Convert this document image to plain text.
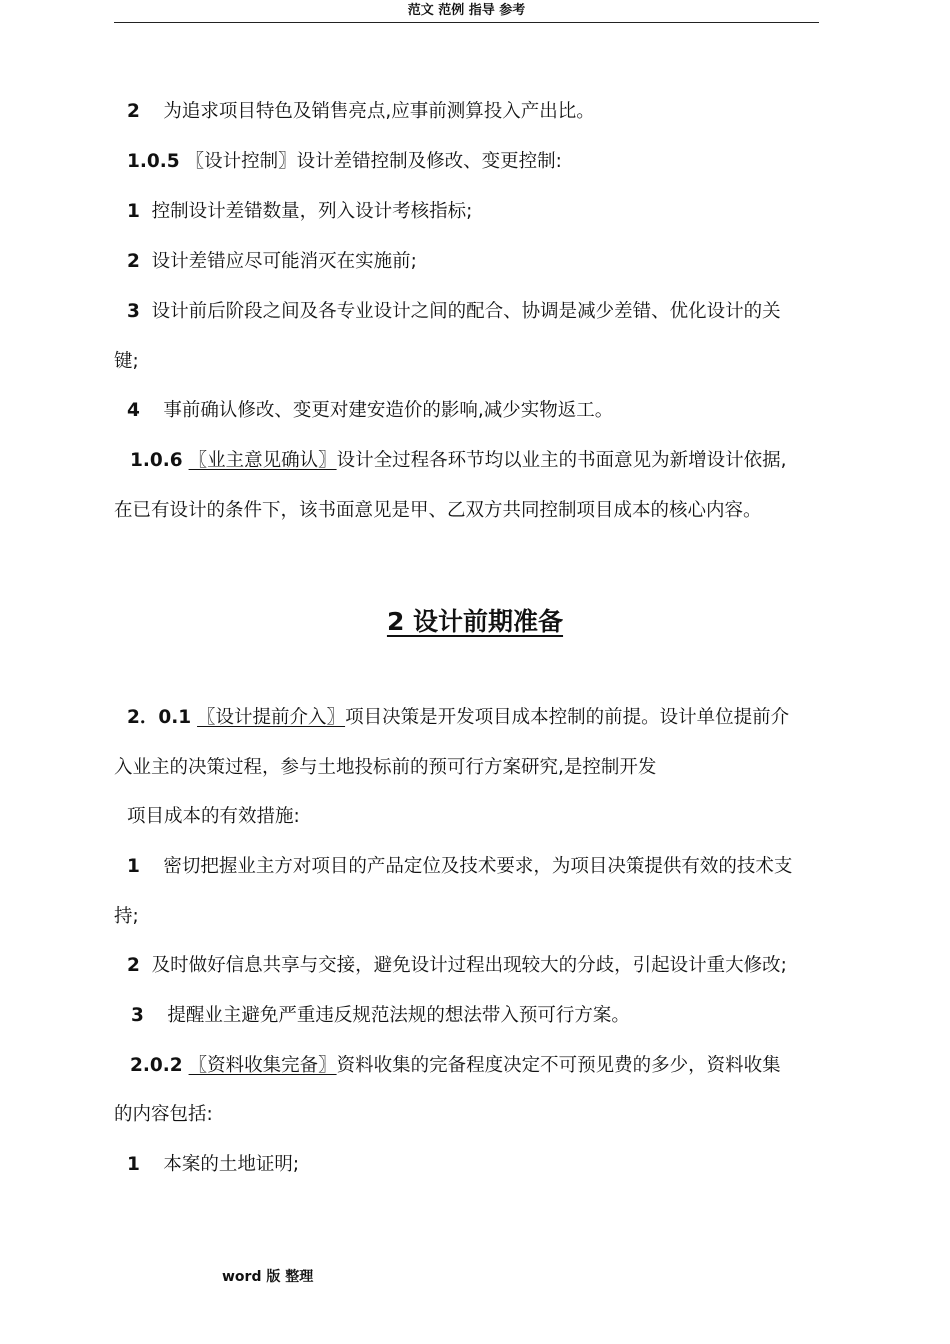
范文 范例 指导 参考
2 为追求项目特色及销售亮点,应事前测算投入产出比。
1.0.5 〖设计控制〗设计差错控制及修改、变更控制:
1 控制设计差错数量，列入设计考核指标;
2 设计差错应尽可能消灭在实施前;
3 设计前后阶段之间及各专业设计之间的配合、协调是减少差错、优化设计的关
键;
4 事前确认修改、变更对建安造价的影响,减少实物返工。
1.0.6 〖业主意见确认〗设计全过程各环节均以业主的书面意见为新增设计依据,
在已有设计的条件下，该书面意见是甲、乙双方共同控制项目成本的核心内容。
2 设计前期准备
2．0.1 〖设计提前介入〗项目决策是开发项目成本控制的前提。设计单位提前介
入业主的决策过程，参与土地投标前的预可行方案研究,是控制开发
项目成本的有效措施:
1 密切把握业主方对项目的产品定位及技术要求，为项目决策提供有效的技术支
持;
2 及时做好信息共享与交接，避免设计过程出现较大的分歧，引起设计重大修改;
3 提醒业主避免严重违反规范法规的想法带入预可行方案。
2.0.2 〖资料收集完备〗资料收集的完备程度决定不可预见费的多少，资料收集
的内容包括:
1 本案的土地证明;
word 版 整理
